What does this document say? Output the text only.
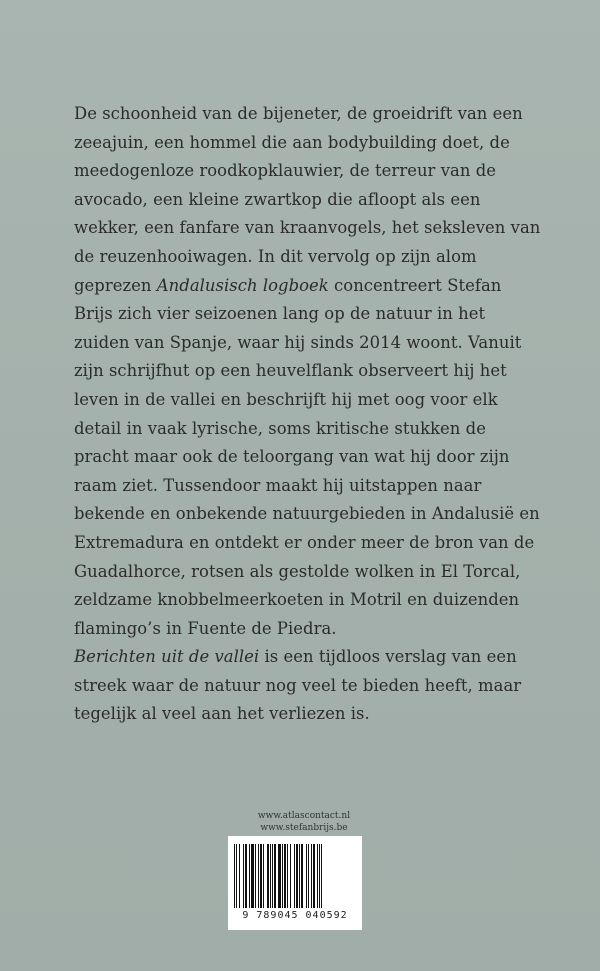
De schoonheid van de bijeneter, de groeidrift van een zeeajuin, een hommel die aan bodybuilding doet, de meedogenloze roodkopklauwier, de terreur van de avocado, een kleine zwartkop die afloopt als een wekker, een fanfare van kraanvogels, het seksleven van de reuzenhooiwagen. In dit vervolg op zijn alom geprezen Andalusisch logboek concentreert Stefan Brijs zich vier seizoenen lang op de natuur in het zuiden van Spanje, waar hij sinds 2014 woont. Vanuit zijn schrijfhut op een heuvelflank observeert hij het leven in de vallei en beschrijft hij met oog voor elk detail in vaak lyrische, soms kritische stukken de pracht maar ook de teloorgang van wat hij door zijn raam ziet. Tussendoor maakt hij uitstappen naar bekende en onbekende natuurgebieden in Andalusië en Extremadura en ontdekt er onder meer de bron van de Guadalhorce, rotsen als gestolde wolken in El Torcal, zeldzame knobbelmeerkoeten in Motril en duizenden flamingo’s in Fuente de Piedra.

Berichten uit de vallei is een tijdloos verslag van een streek waar de natuur nog veel te bieden heeft, maar tegelijk al veel aan het verliezen is.

www.atlascontact.nl
www.stefanbrijs.be
9 789045 040592
